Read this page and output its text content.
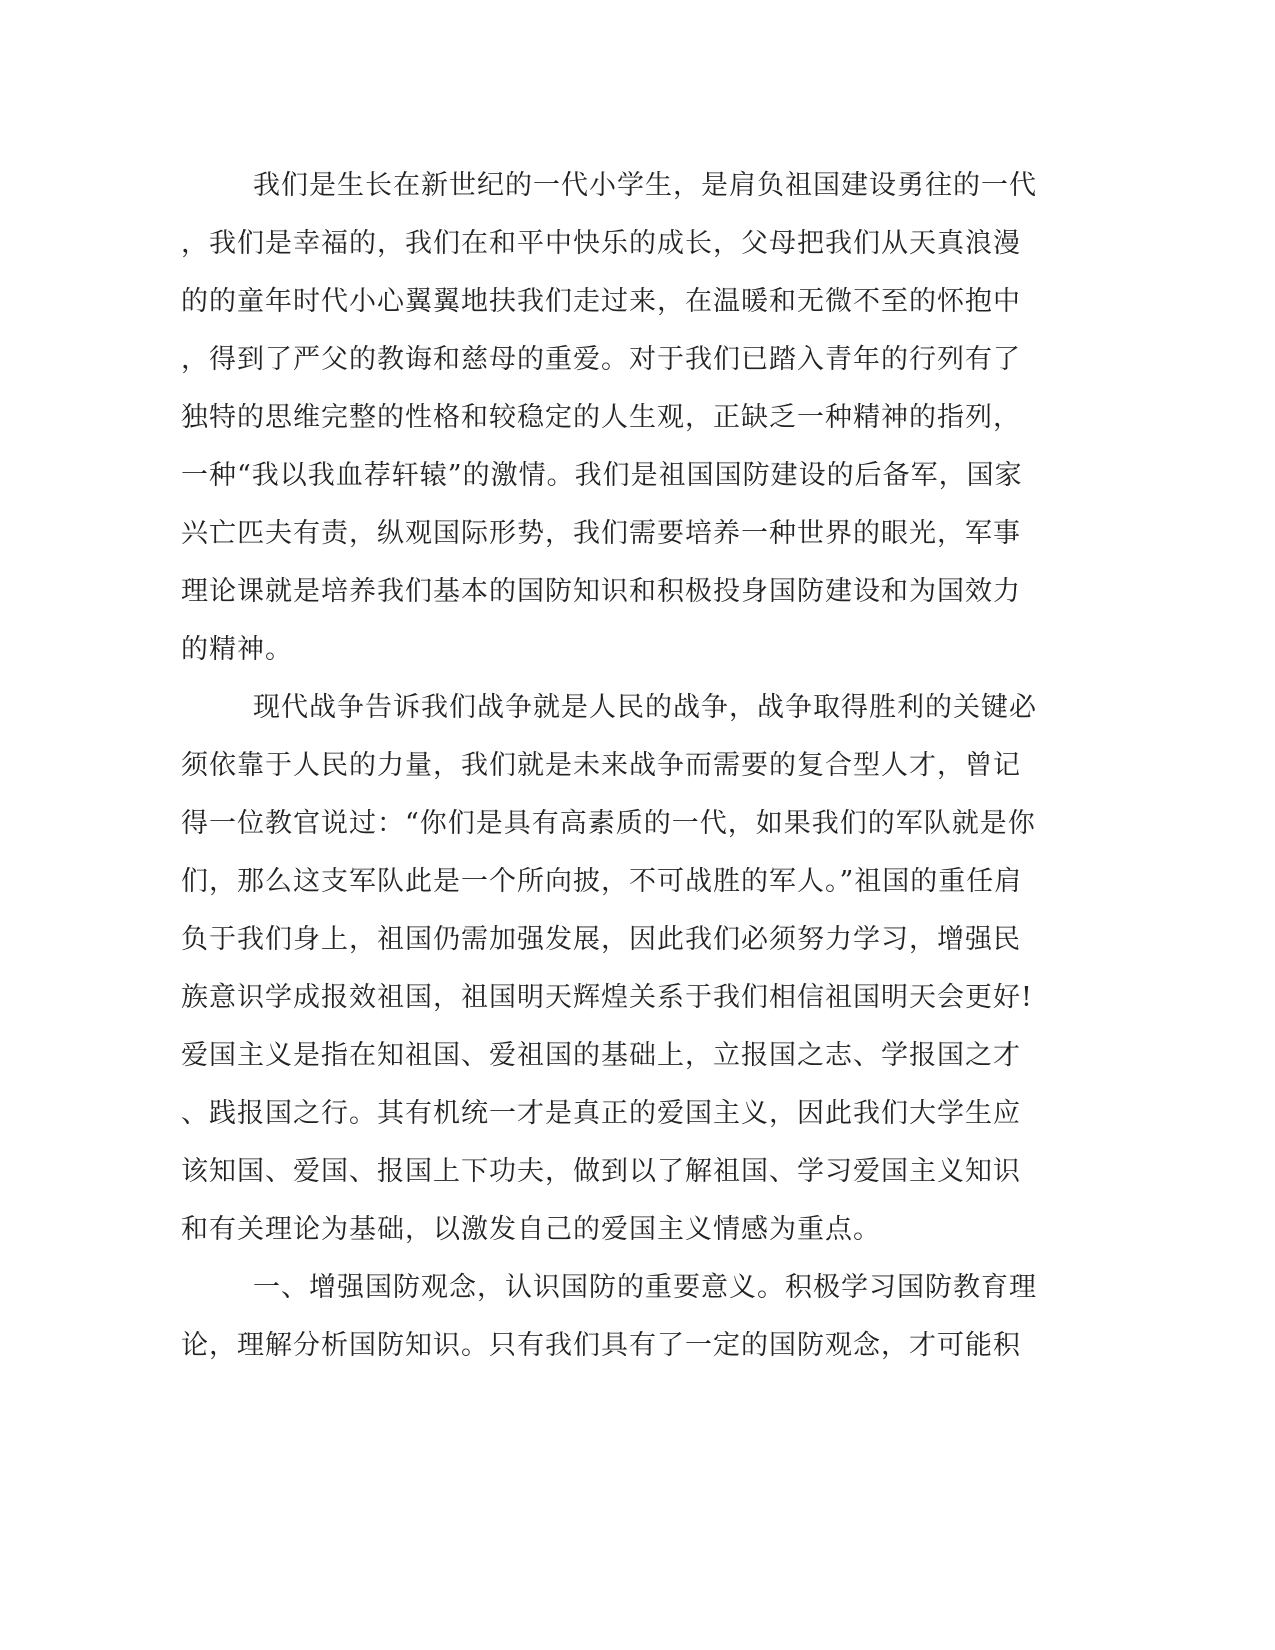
我们是生长在新世纪的一代小学生，是肩负祖国建设勇往的一代
，我们是幸福的，我们在和平中快乐的成长，父母把我们从天真浪漫
的的童年时代小心翼翼地扶我们走过来，在温暖和无微不至的怀抱中
，得到了严父的教诲和慈母的重爱。对于我们已踏入青年的行列有了
独特的思维完整的性格和较稳定的人生观，正缺乏一种精神的指列，
一种“我以我血荐轩辕”的激情。我们是祖国国防建设的后备军，国家
兴亡匹夫有责，纵观国际形势，我们需要培养一种世界的眼光，军事
理论课就是培养我们基本的国防知识和积极投身国防建设和为国效力
的精神。
现代战争告诉我们战争就是人民的战争，战争取得胜利的关键必
须依靠于人民的力量，我们就是未来战争而需要的复合型人才，曾记
得一位教官说过：“你们是具有高素质的一代，如果我们的军队就是你
们，那么这支军队此是一个所向披，不可战胜的军人。”祖国的重任肩
负于我们身上，祖国仍需加强发展，因此我们必须努力学习，增强民
族意识学成报效祖国，祖国明天辉煌关系于我们相信祖国明天会更好!
爱国主义是指在知祖国、爱祖国的基础上，立报国之志、学报国之才
、践报国之行。其有机统一才是真正的爱国主义，因此我们大学生应
该知国、爱国、报国上下功夫，做到以了解祖国、学习爱国主义知识
和有关理论为基础，以激发自己的爱国主义情感为重点。
一、增强国防观念，认识国防的重要意义。积极学习国防教育理
论，理解分析国防知识。只有我们具有了一定的国防观念，才可能积
